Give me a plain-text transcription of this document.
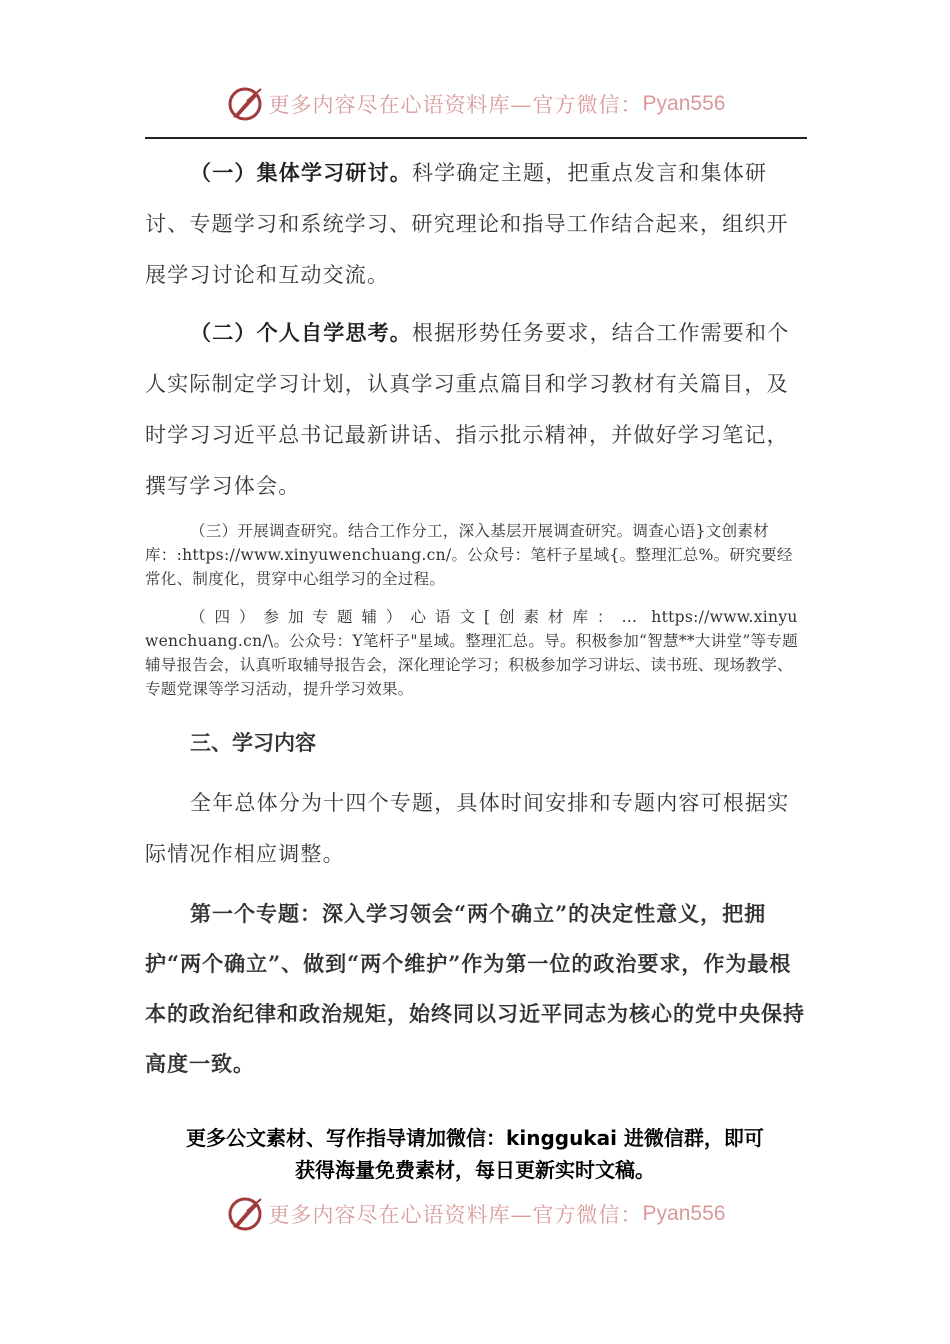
更多内容尽在心语资料库—官方微信： Pyan556

（一）集体学习研讨。科学确定主题，把重点发言和集体研讨、专题学习和系统学习、研究理论和指导工作结合起来，组织开展学习讨论和互动交流。

（二）个人自学思考。根据形势任务要求，结合工作需要和个人实际制定学习计划，认真学习重点篇目和学习教材有关篇目，及时学习习近平总书记最新讲话、指示批示精神，并做好学习笔记，撰写学习体会。

（三）开展调查研究。结合工作分工，深入基层开展调查研究。调查心语}文创素材库：:https://www.xinyuwenchuang.cn/。公众号：笔杆子星域{。整理汇总%。研究要经常化、制度化，贯穿中心组学习的全过程。

（四）参加专题辅）心语文[创素材库：… https://www.xinyuwenchuang.cn/\。公众号：Y笔杆子"星域。整理汇总。导。积极参加“智慧**大讲堂”等专题辅导报告会，认真听取辅导报告会，深化理论学习；积极参加学习讲坛、读书班、现场教学、专题党课等学习活动，提升学习效果。

三、学习内容

全年总体分为十四个专题，具体时间安排和专题内容可根据实际情况作相应调整。

第一个专题：深入学习领会“两个确立”的决定性意义，把拥护“两个确立”、做到“两个维护”作为第一位的政治要求，作为最根本的政治纪律和政治规矩，始终同以习近平同志为核心的党中央保持高度一致。

更多公文素材、写作指导请加微信：kinggukai 进微信群，即可
获得海量免费素材，每日更新实时文稿。
更多内容尽在心语资料库—官方微信： Pyan556
